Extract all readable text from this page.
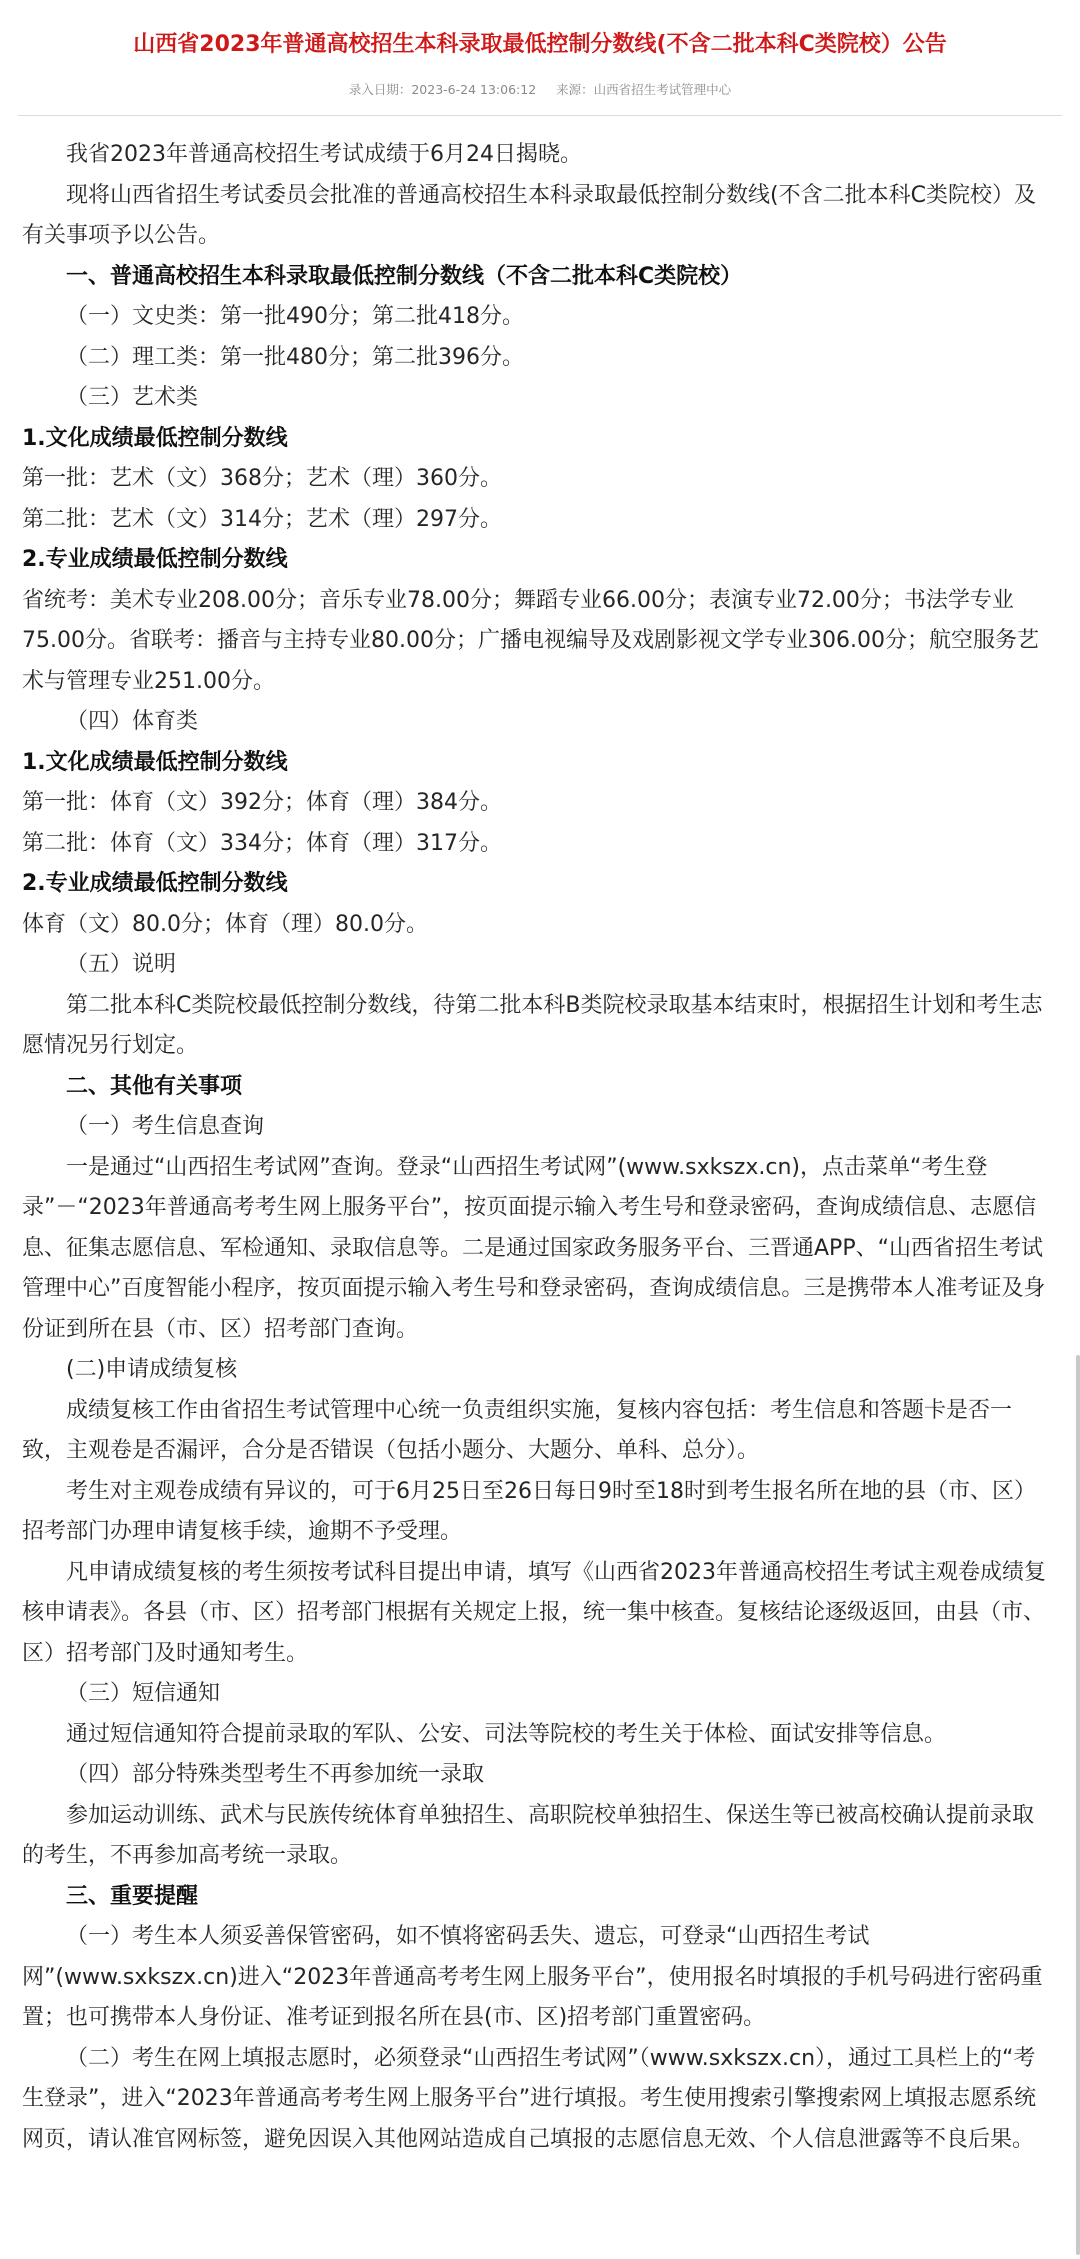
山西省2023年普通高校招生本科录取最低控制分数线(不含二批本科C类院校）公告
录入日期：2023-6-24 13:06:12 来源：山西省招生考试管理中心

我省2023年普通高校招生考试成绩于6月24日揭晓。

现将山西省招生考试委员会批准的普通高校招生本科录取最低控制分数线(不含二批本科C类院校）及有关事项予以公告。

一、普通高校招生本科录取最低控制分数线（不含二批本科C类院校）

（一）文史类：第一批490分；第二批418分。

（二）理工类：第一批480分；第二批396分。

（三）艺术类

1.文化成绩最低控制分数线

第一批：艺术（文）368分；艺术（理）360分。

第二批：艺术（文）314分；艺术（理）297分。

2.专业成绩最低控制分数线

省统考：美术专业208.00分；音乐专业78.00分；舞蹈专业66.00分；表演专业72.00分；书法学专业75.00分。省联考：播音与主持专业80.00分；广播电视编导及戏剧影视文学专业306.00分；航空服务艺术与管理专业251.00分。

（四）体育类

1.文化成绩最低控制分数线

第一批：体育（文）392分；体育（理）384分。

第二批：体育（文）334分；体育（理）317分。

2.专业成绩最低控制分数线

体育（文）80.0分；体育（理）80.0分。

（五）说明

第二批本科C类院校最低控制分数线，待第二批本科B类院校录取基本结束时，根据招生计划和考生志愿情况另行划定。

二、其他有关事项

（一）考生信息查询

一是通过“山西招生考试网”查询。登录“山西招生考试网”(www.sxkszx.cn)，点击菜单“考生登录”－“2023年普通高考考生网上服务平台”，按页面提示输入考生号和登录密码，查询成绩信息、志愿信息、征集志愿信息、军检通知、录取信息等。二是通过国家政务服务平台、三晋通APP、“山西省招生考试管理中心”百度智能小程序，按页面提示输入考生号和登录密码，查询成绩信息。三是携带本人准考证及身份证到所在县（市、区）招考部门查询。

(二)申请成绩复核

成绩复核工作由省招生考试管理中心统一负责组织实施，复核内容包括：考生信息和答题卡是否一致，主观卷是否漏评，合分是否错误（包括小题分、大题分、单科、总分）。

考生对主观卷成绩有异议的，可于6月25日至26日每日9时至18时到考生报名所在地的县（市、区）招考部门办理申请复核手续，逾期不予受理。

凡申请成绩复核的考生须按考试科目提出申请，填写《山西省2023年普通高校招生考试主观卷成绩复核申请表》。各县（市、区）招考部门根据有关规定上报，统一集中核查。复核结论逐级返回，由县（市、区）招考部门及时通知考生。

（三）短信通知

通过短信通知符合提前录取的军队、公安、司法等院校的考生关于体检、面试安排等信息。

（四）部分特殊类型考生不再参加统一录取

参加运动训练、武术与民族传统体育单独招生、高职院校单独招生、保送生等已被高校确认提前录取的考生，不再参加高考统一录取。

三、重要提醒

（一）考生本人须妥善保管密码，如不慎将密码丢失、遗忘，可登录“山西招生考试网”(www.sxkszx.cn)进入“2023年普通高考考生网上服务平台”，使用报名时填报的手机号码进行密码重置；也可携带本人身份证、准考证到报名所在县(市、区)招考部门重置密码。

（二）考生在网上填报志愿时，必须登录“山西招生考试网”（www.sxkszx.cn），通过工具栏上的“考生登录”，进入“2023年普通高考考生网上服务平台”进行填报。考生使用搜索引擎搜索网上填报志愿系统网页，请认准官网标签，避免因误入其他网站造成自己填报的志愿信息无效、个人信息泄露等不良后果。
